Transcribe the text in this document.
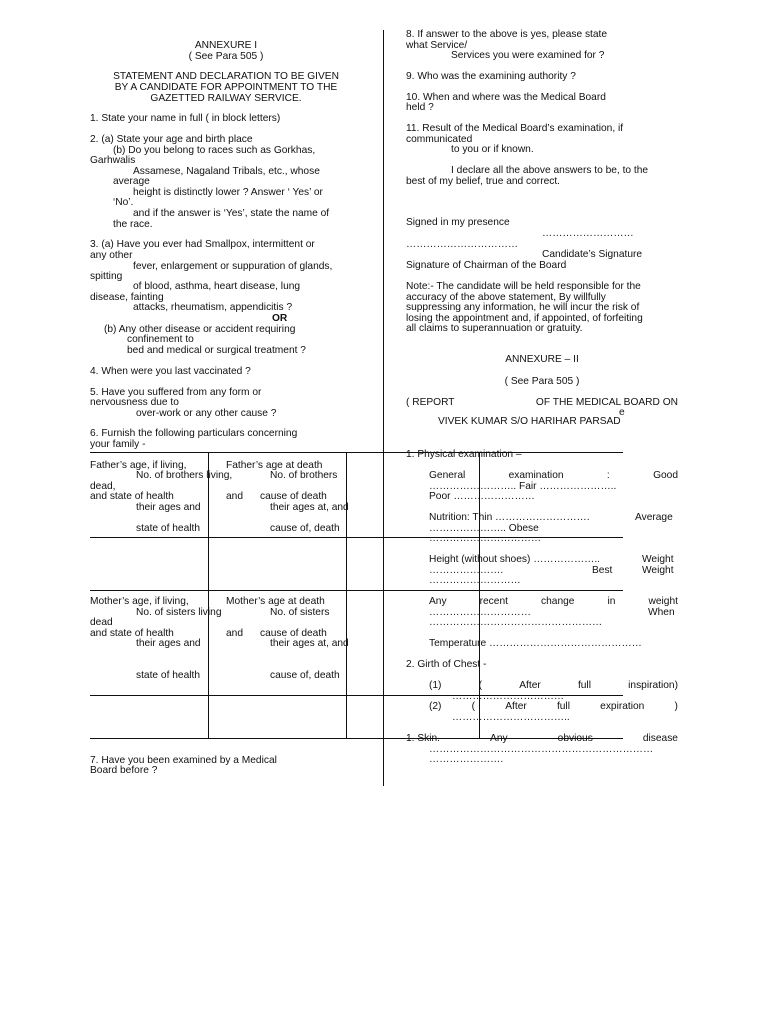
ANNEXURE I
( See Para 505 )
STATEMENT AND DECLARATION TO BE GIVEN
BY A CANDIDATE FOR APPOINTMENT TO THE
GAZETTED RAILWAY SERVICE.
1. State your name in full ( in block letters)
2. (a) State your age and birth place
(b) Do you belong to races such as Gorkhas,
Garhwalis
Assamese, Nagaland Tribals, etc., whose
average
height is distinctly lower ? Answer ‘ Yes’ or
‘No’.
and if the answer is ‘Yes’, state the name of
the race.
3. (a) Have you ever had Smallpox, intermittent or
any other
fever, enlargement or suppuration of glands,
spitting
of blood, asthma, heart disease, lung
disease, fainting
attacks, rheumatism, appendicitis ?
OR
(b) Any other disease or accident requiring
confinement to
bed and medical or surgical treatment ?
4. When were you last vaccinated ?
5. Have you suffered from any form or
nervousness due to
over-work or any other cause ?
6. Furnish the following particulars concerning
your family -
Father’s age, if living,	Father’s age at death
No. of brothers living,	No. of brothers
dead,
and state of health	and cause of death
their ages and	their ages at, and
state of health	cause of, death
Mother’s age, if living,	Mother’s age at death
No. of sisters living	No. of sisters
dead
and state of health	and cause of death
their ages and	their ages at, and
state of health	cause of, death
7. Have you been examined by a Medical
Board before ?
8. If answer to the above is yes, please state
what Service/
Services you were examined for ?
9. Who was the examining authority ?
10. When and where was the Medical Board
held ?
11. Result of the Medical Board’s examination, if
communicated
to you or if known.
I declare all the above answers to be, to the
best of my belief, true and correct.
Signed in my presence
………………………
……………………………
Candidate’s Signature
Signature of Chairman of the Board
Note:- The candidate will be held responsible for the
accuracy of the above statement, By willfully
suppressing any information, he will incur the risk of
losing the appointment and, if appointed, of forfeiting
all claims to superannuation or gratuity.
ANNEXURE – II
( See Para 505 )
( REPORT	OF THE MEDICAL BOARD ON
e
VIVEK KUMAR S/O HARIHAR PARSAD
1. Physical examination –
General	examination	:	Good
…………………….. Fair …………………..
Poor ……………………
Nutrition: Thin ……………………….	Average
………………….. Obese
……………………………
Height (without shoes) ………………..	Weight
………………….	Best	Weight
………………………
Any	recent	change	in	weight
…………………………	When
……………………………………………
Temperature ………………………………………
2. Girth of Chest -
(1)	(	After	full	inspiration)
……………………………
(2)	(	After	full	expiration	)
……………………………..
1. Skin.	Any	obvious	disease
…………………………………………………………
………………….
